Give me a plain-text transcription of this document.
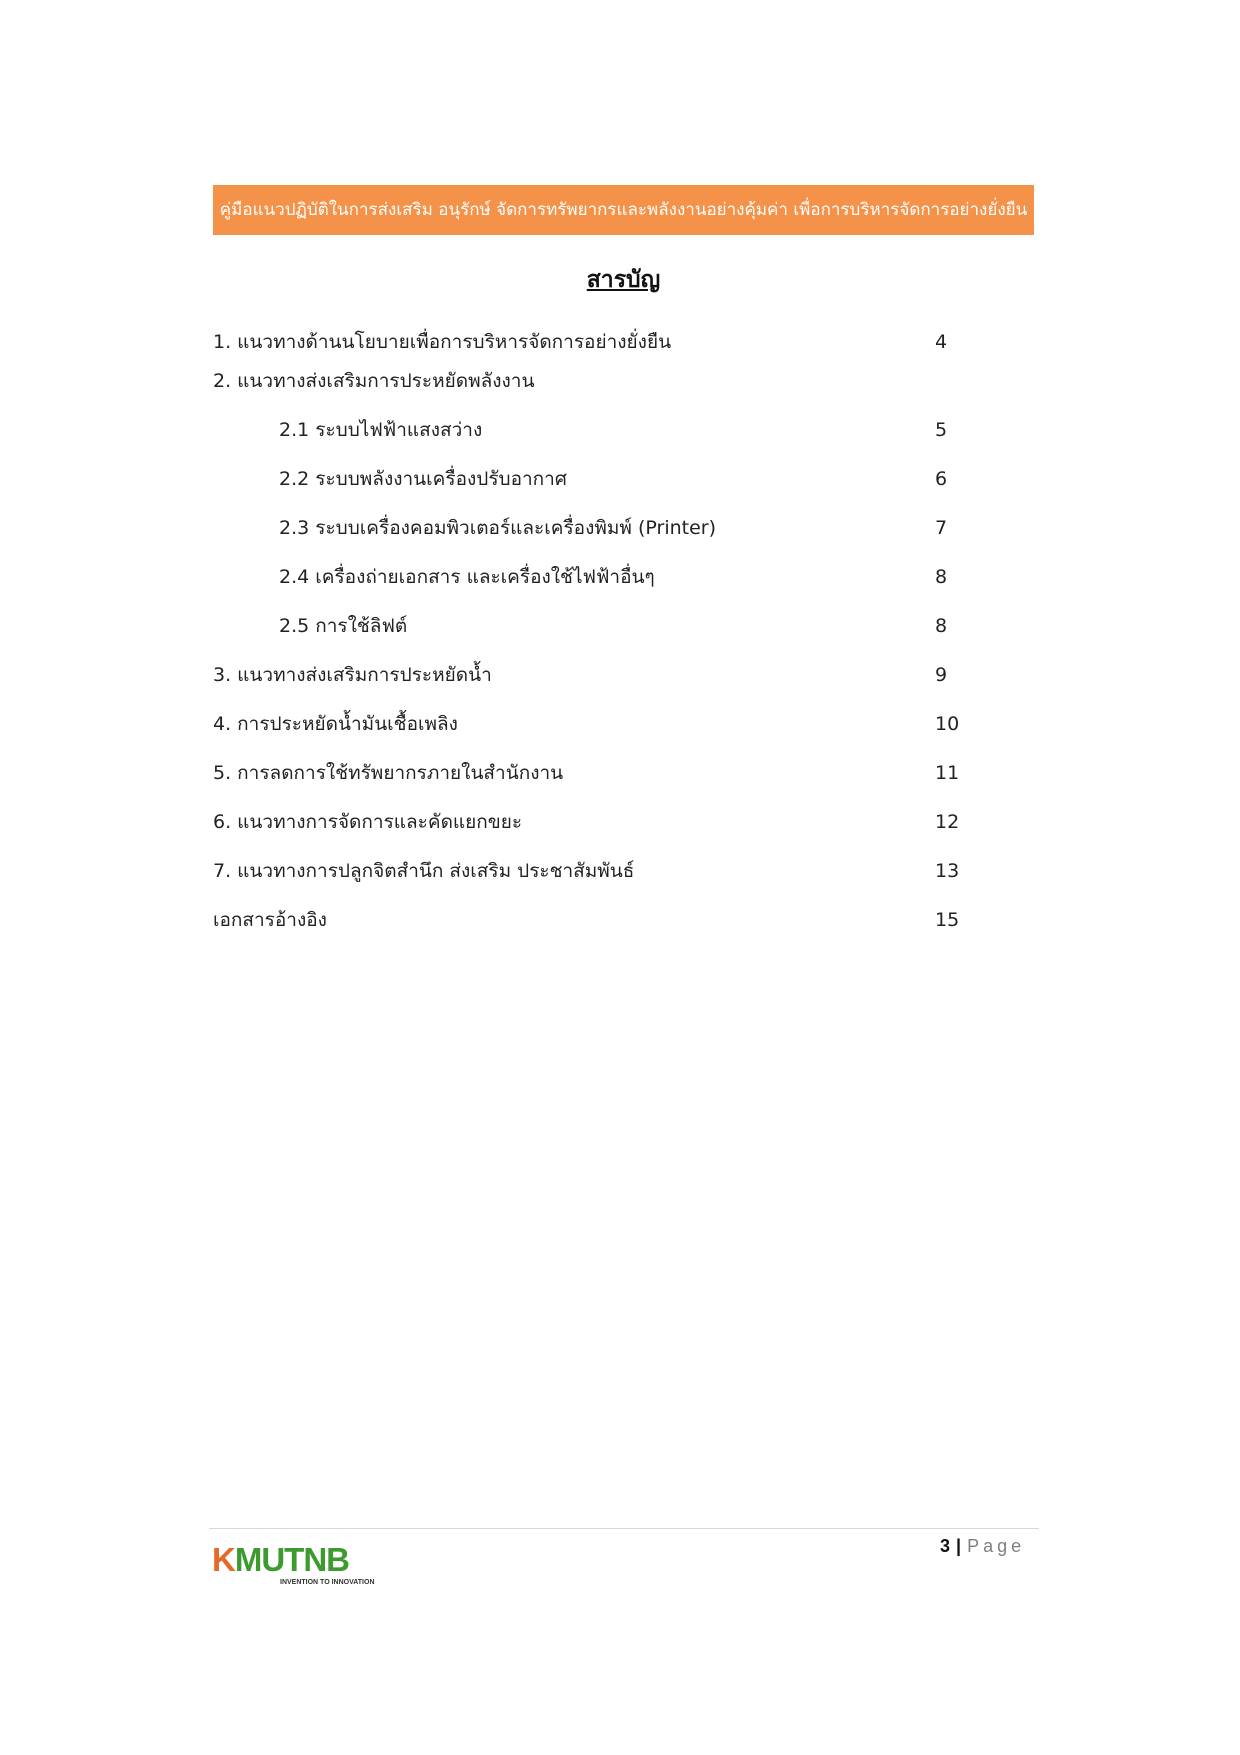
คู่มือแนวปฏิบัติในการส่งเสริม อนุรักษ์ จัดการทรัพยากรและพลังงานอย่างคุ้มค่า เพื่อการบริหารจัดการอย่างยั่งยืน
สารบัญ
1. แนวทางด้านนโยบายเพื่อการบริหารจัดการอย่างยั่งยืน	4
2. แนวทางส่งเสริมการประหยัดพลังงาน
2.1 ระบบไฟฟ้าแสงสว่าง	5
2.2 ระบบพลังงานเครื่องปรับอากาศ	6
2.3 ระบบเครื่องคอมพิวเตอร์และเครื่องพิมพ์ (Printer)	7
2.4 เครื่องถ่ายเอกสาร และเครื่องใช้ไฟฟ้าอื่นๆ	8
2.5 การใช้ลิฟต์	8
3. แนวทางส่งเสริมการประหยัดน้ำ	9
4. การประหยัดน้ำมันเชื้อเพลิง	10
5. การลดการใช้ทรัพยากรภายในสำนักงาน	11
6. แนวทางการจัดการและคัดแยกขยะ	12
7. แนวทางการปลูกจิตสำนึก ส่งเสริม ประชาสัมพันธ์	13
เอกสารอ้างอิง	15
KMUTNB
INVENTION TO INNOVATION
3 | Page
